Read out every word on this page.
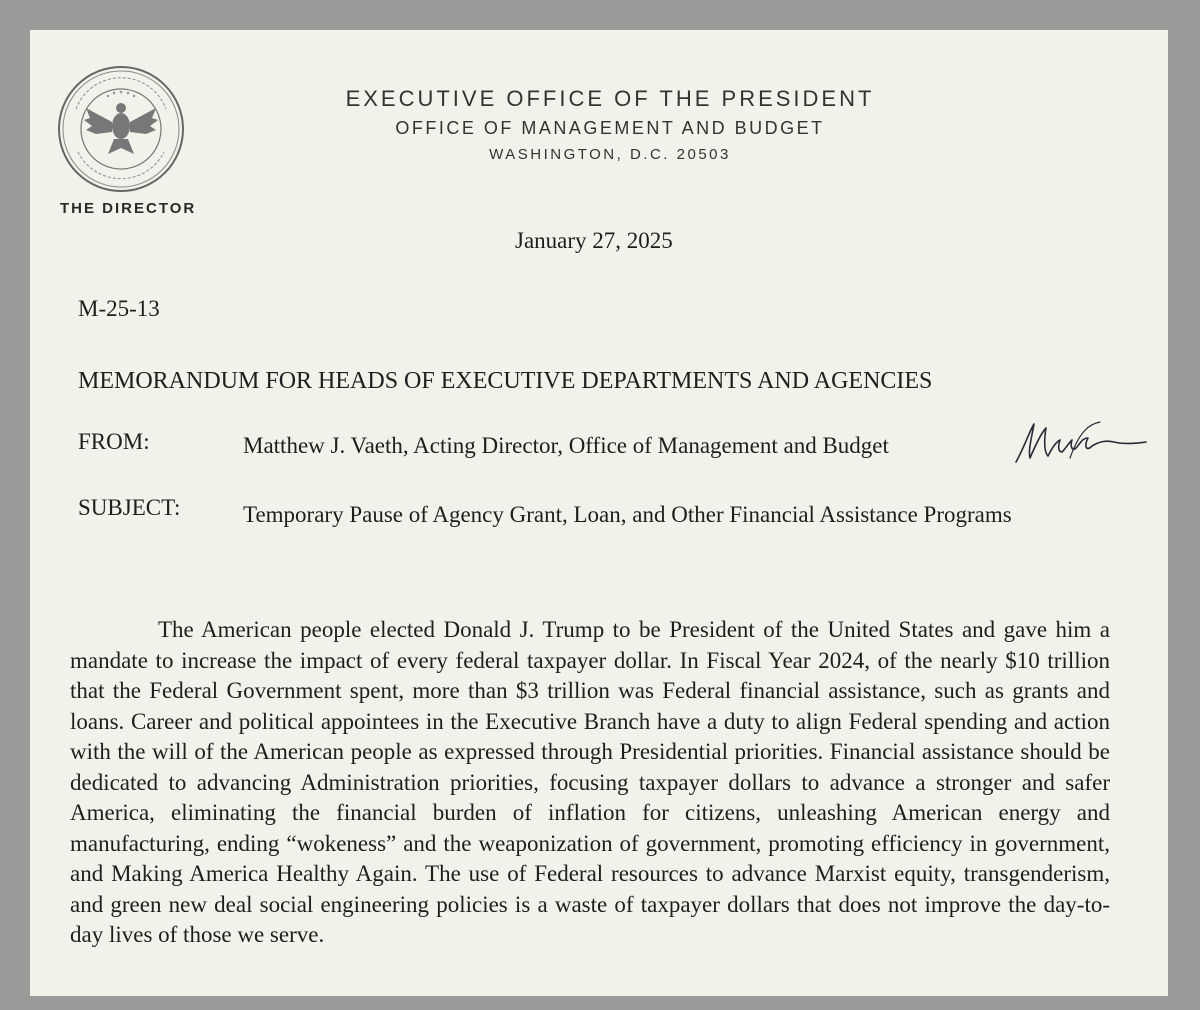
THE DIRECTOR
EXECUTIVE OFFICE OF THE PRESIDENT
OFFICE OF MANAGEMENT AND BUDGET
WASHINGTON, D.C. 20503
January 27, 2025
M-25-13
MEMORANDUM FOR HEADS OF EXECUTIVE DEPARTMENTS AND AGENCIES
FROM:	Matthew J. Vaeth, Acting Director, Office of Management and Budget
SUBJECT:	Temporary Pause of Agency Grant, Loan, and Other Financial Assistance Programs
The American people elected Donald J. Trump to be President of the United States and gave him a mandate to increase the impact of every federal taxpayer dollar. In Fiscal Year 2024, of the nearly $10 trillion that the Federal Government spent, more than $3 trillion was Federal financial assistance, such as grants and loans. Career and political appointees in the Executive Branch have a duty to align Federal spending and action with the will of the American people as expressed through Presidential priorities. Financial assistance should be dedicated to advancing Administration priorities, focusing taxpayer dollars to advance a stronger and safer America, eliminating the financial burden of inflation for citizens, unleashing American energy and manufacturing, ending “wokeness” and the weaponization of government, promoting efficiency in government, and Making America Healthy Again. The use of Federal resources to advance Marxist equity, transgenderism, and green new deal social engineering policies is a waste of taxpayer dollars that does not improve the day-to-day lives of those we serve.
